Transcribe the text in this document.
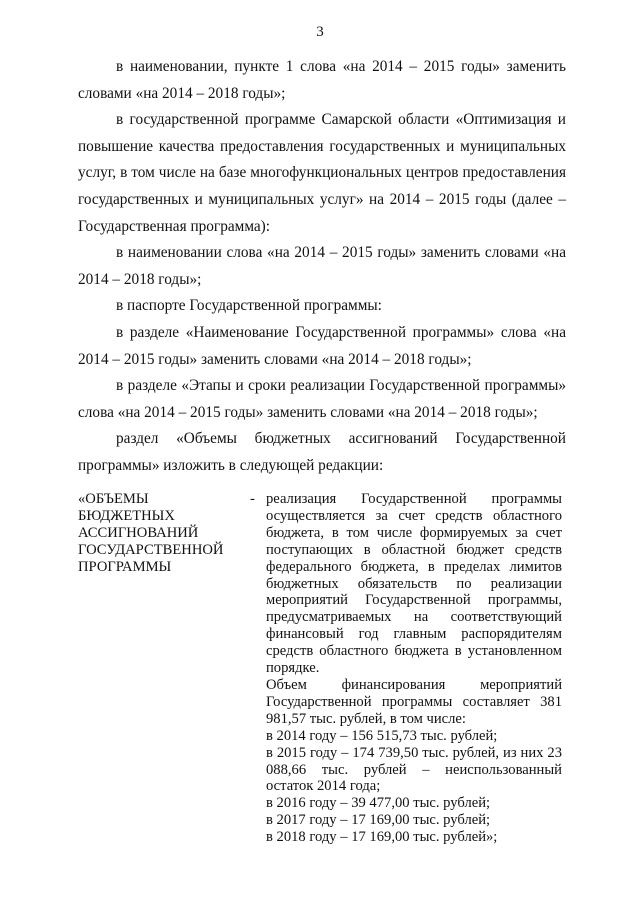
3

в наименовании, пункте 1 слова «на 2014 – 2015 годы» заменить словами «на 2014 – 2018 годы»;

в государственной программе Самарской области «Оптимизация и повышение качества предоставления государственных и муниципальных услуг, в том числе на базе многофункциональных центров предоставления государственных и муниципальных услуг» на 2014 – 2015 годы (далее – Государственная программа):

в наименовании слова «на 2014 – 2015 годы» заменить словами «на 2014 – 2018 годы»;

в паспорте Государственной программы:

в разделе «Наименование Государственной программы» слова «на 2014 – 2015 годы» заменить словами «на 2014 – 2018 годы»;

в разделе «Этапы и сроки реализации Государственной программы» слова «на 2014 – 2015 годы» заменить словами «на 2014 – 2018 годы»;

раздел «Объемы бюджетных ассигнований Государственной программы» изложить в следующей редакции:

«ОБЪЕМЫ
БЮДЖЕТНЫХ
АССИГНОВАНИЙ
ГОСУДАРСТВЕННОЙ
ПРОГРАММЫ
- реализация Государственной программы осуществляется за счет средств областного бюджета, в том числе формируемых за счет поступающих в областной бюджет средств федерального бюджета, в пределах лимитов бюджетных обязательств по реализации мероприятий Государственной программы, предусматриваемых на соответствующий финансовый год главным распорядителям средств областного бюджета в установленном порядке.

Объем финансирования мероприятий Государственной программы составляет 381 981,57 тыс. рублей, в том числе:

в 2014 году – 156 515,73 тыс. рублей;

в 2015 году – 174 739,50 тыс. рублей, из них 23 088,66 тыс. рублей – неиспользованный остаток 2014 года;

в 2016 году – 39 477,00 тыс. рублей;

в 2017 году – 17 169,00 тыс. рублей;

в 2018 году – 17 169,00 тыс. рублей»;
